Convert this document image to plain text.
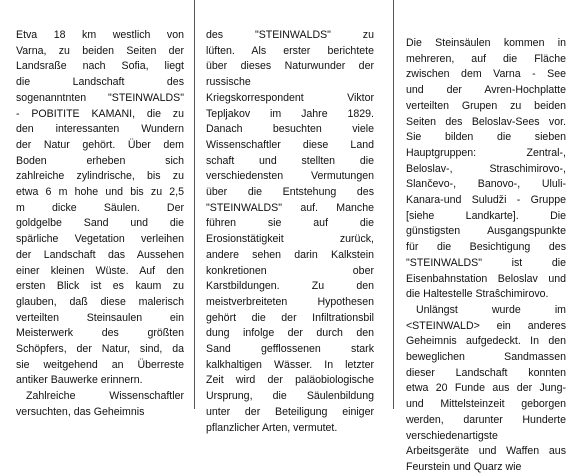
Etva 18 km westlich von
Varna, zu beiden Seiten der
Landsraße nach Sofia, liegt
die Landschaft des
sogenanntnten "STEINWALDS"
- POBITITE KAMANI, die zu
den interessanten Wundern
der Natur gehört. Über dem
Boden erheben sich
zahlreiche zylindrische, bis zu
etwa 6 m hohe und bis zu 2,5
m dicke Säulen. Der
goldgelbe Sand und die
spärliche Vegetation verleihen
der Landschaft das Aussehen
einer kleinen Wüste. Auf den
ersten Blick ist es kaum zu
glauben, daß diese malerisch
verteilten Steinsaulen ein
Meisterwerk des größten
Schöpfers, der Natur, sind, da
sie weitgehend an Überreste
antiker Bauwerke erinnern.
Zahlreiche Wissenschaftler
versuchten, das Geheimnis
des "STEINWALDS" zu
lüften. Als erster berichtete
über dieses Naturwunder der
russische
Kriegskorrespondent Viktor
Tepljakov im Jahre 1829.
Danach besuchten viele
Wissenschaftler diese Land
schaft und stellten die
verschiedensten Vermutungen
über die Entstehung des
"STEINWALDS" auf. Manche
führen sie auf die
Erosionstätigkeit zurück,
andere sehen darin Kalkstein
konkretionen ober
Karstbildungen. Zu den
meistverbreiteten Hypothesen
gehört die der Infiltrationsbil
dung infolge der durch den
Sand gefflossenen stark
kalkhaltigen Wässer. In letzter
Zeit wird der paläobiologische
Ursprung, die Säulenbildung
unter der Beteiligung einiger
pflanzlicher Arten, vermutet.
Die Steinsäulen kommen in
mehreren, auf die Fläche
zwischen dem Varna - See
und der Avren-Hochplatte
verteilten Grupen zu beiden
Seiten des Beloslav-Sees vor.
Sie bilden die sieben
Hauptgruppen: Zentral-,
Beloslav-, Straschimirovo-,
Slančevo-, Banovo-, Ululi-
Kanara-und Suludži - Gruppe
[siehe Landkarte]. Die
günstigsten Ausgangspunkte
für die Besichtigung des
"STEINWALDS" ist die
Eisenbahnstation Beloslav und
die Haltestelle Straŝchimirovo.
Unlängst wurde im
<STEINWALD> ein anderes
Geheimnis aufgedeckt. In den
beweglichen Sandmassen
dieser Landschaft konnten
etwa 20 Funde aus der Jung-
und Mittelsteinzeit geborgen
werden, darunter Hunderte
verschiedenartigste
Arbeitsgeräte und Waffen aus
Feurstein und Quarz wie
